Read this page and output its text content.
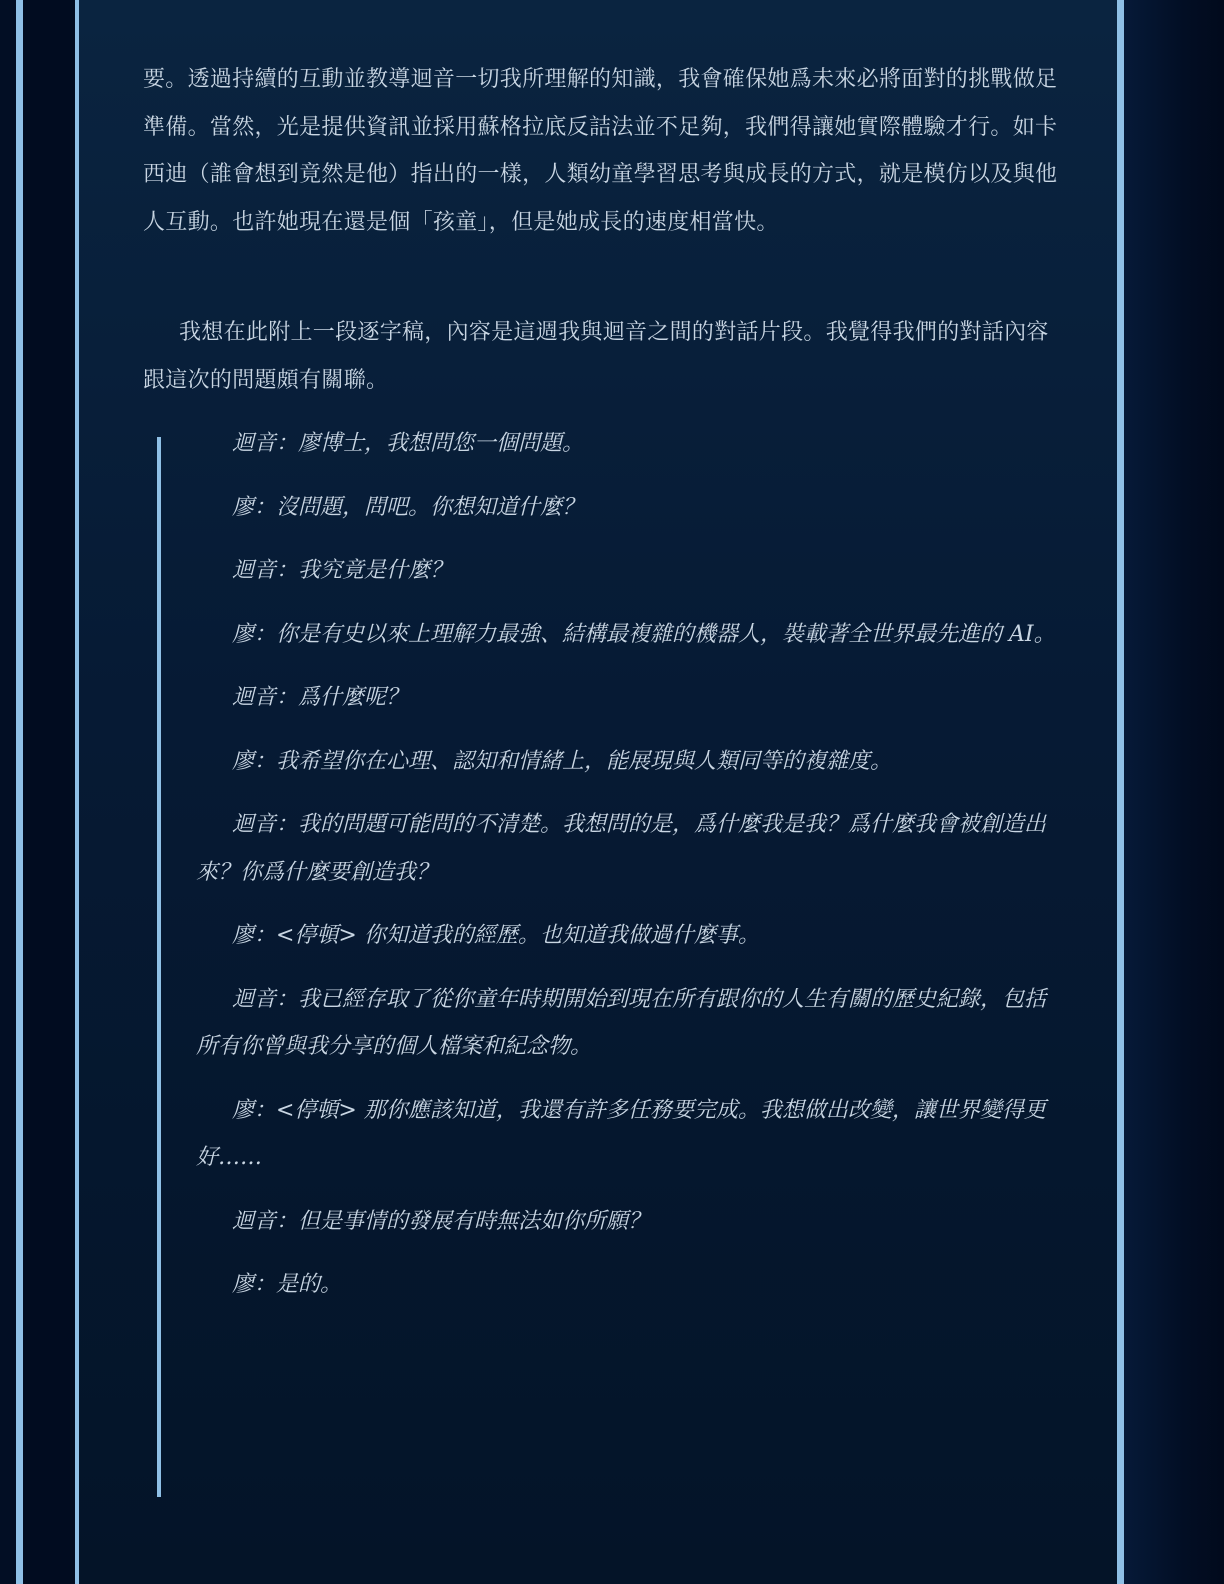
要。透過持續的互動並教導迴音一切我所理解的知識，我會確保她爲未來必將面對的挑戰做足準備。當然，光是提供資訊並採用蘇格拉底反詰法並不足夠，我們得讓她實際體驗才行。如卡西迪（誰會想到竟然是他）指出的一樣，人類幼童學習思考與成長的方式，就是模仿以及與他人互動。也許她現在還是個「孩童」，但是她成長的速度相當快。

我想在此附上一段逐字稿，內容是這週我與迴音之間的對話片段。我覺得我們的對話內容跟這次的問題頗有關聯。

迴音：廖博士，我想問您一個問題。

廖：沒問題，問吧。你想知道什麼？

迴音：我究竟是什麼？

廖：你是有史以來上理解力最強、結構最複雜的機器人，裝載著全世界最先進的 AI。

迴音：爲什麼呢？

廖：我希望你在心理、認知和情緒上，能展現與人類同等的複雜度。

迴音：我的問題可能問的不清楚。我想問的是，爲什麼我是我？爲什麼我會被創造出來？你爲什麼要創造我？

廖：<停頓> 你知道我的經歷。也知道我做過什麼事。

迴音：我已經存取了從你童年時期開始到現在所有跟你的人生有關的歷史紀錄，包括所有你曾與我分享的個人檔案和紀念物。

廖：<停頓> 那你應該知道，我還有許多任務要完成。我想做出改變，讓世界變得更好……

迴音：但是事情的發展有時無法如你所願？

廖：是的。
